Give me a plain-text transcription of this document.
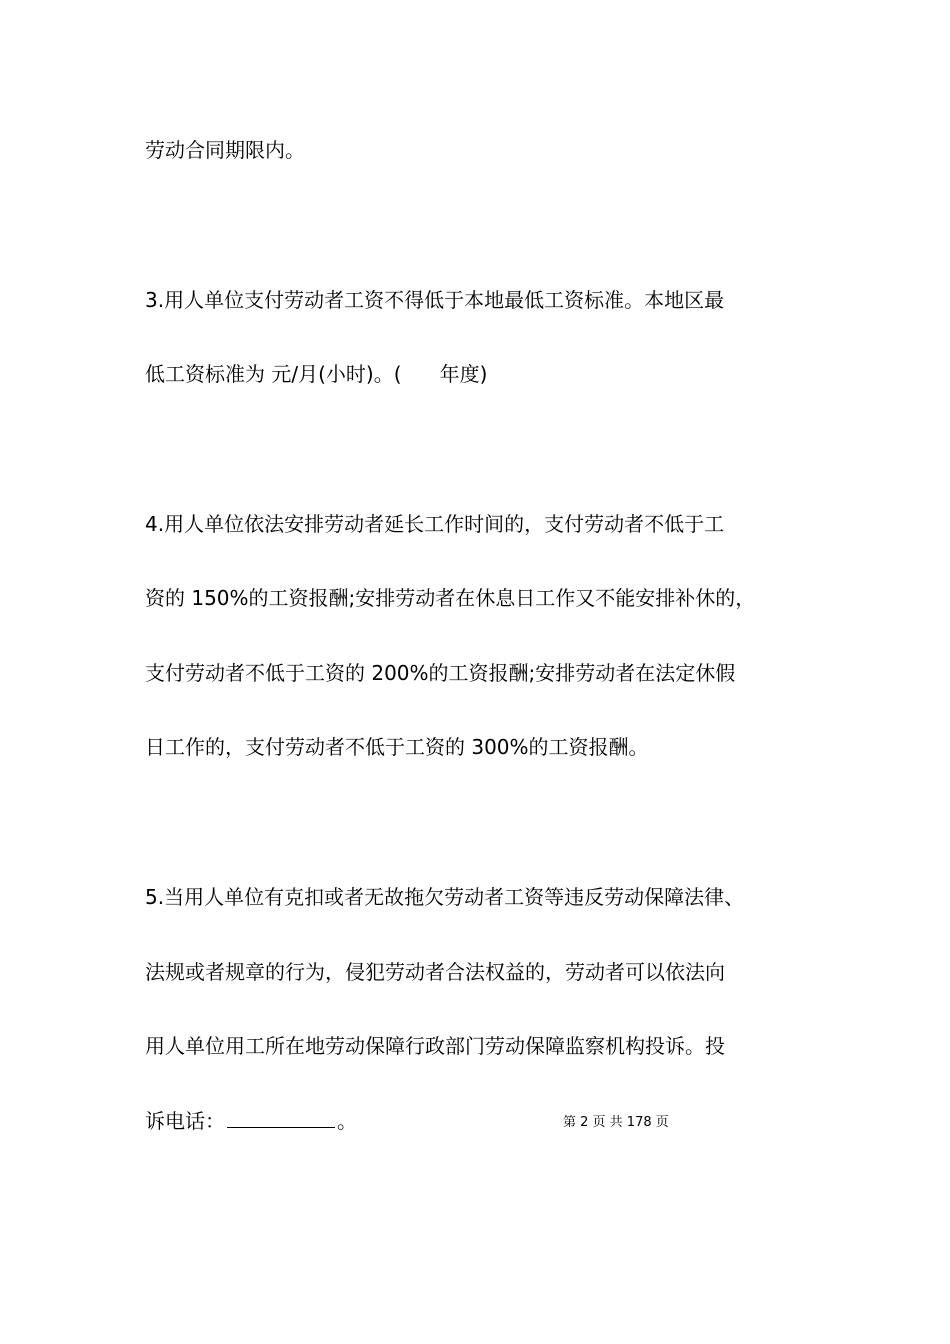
劳动合同期限内。

3.用人单位支付劳动者工资不得低于本地最低工资标准。本地区最

低工资标准为 元/月(小时)。(      年度)

4.用人单位依法安排劳动者延长工作时间的，支付劳动者不低于工

资的 150%的工资报酬;安排劳动者在休息日工作又不能安排补休的，

支付劳动者不低于工资的 200%的工资报酬;安排劳动者在法定休假

日工作的，支付劳动者不低于工资的 300%的工资报酬。

5.当用人单位有克扣或者无故拖欠劳动者工资等违反劳动保障法律、

法规或者规章的行为，侵犯劳动者合法权益的，劳动者可以依法向

用人单位用工所在地劳动保障行政部门劳动保障监察机构投诉。投

诉电话：	。	第 2 页 共 178 页
